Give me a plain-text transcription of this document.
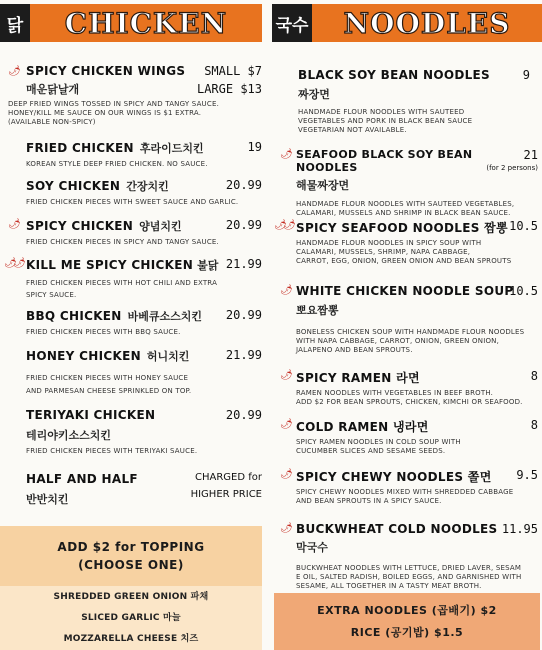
닭	CHICKEN
🌶 SPICY CHICKEN WINGS	SMALL $7
매운닭날개	LARGE $13
DEEP FRIED WINGS TOSSED IN SPICY AND TANGY SAUCE.
HONEY/KILL ME SAUCE ON OUR WINGS IS $1 EXTRA.
(AVAILABLE NON-SPICY)
FRIED CHICKEN 후라이드치킨	19
KOREAN STYLE DEEP FRIED CHICKEN. NO SAUCE.
SOY CHICKEN 간장치킨	20.99
FRIED CHICKEN PIECES WITH SWEET SAUCE AND GARLIC.
🌶 SPICY CHICKEN 양념치킨	20.99
FRIED CHICKEN PIECES IN SPICY AND TANGY SAUCE.
🌶
🌶 KILL ME SPICY CHICKEN 불닭 21.99
FRIED CHICKEN PIECES WITH HOT CHILI AND EXTRA
SPICY SAUCE.
BBQ CHICKEN 바베큐소스치킨 20.99
FRIED CHICKEN PIECES WITH BBQ SAUCE.
HONEY CHICKEN 허니치킨	21.99
FRIED CHICKEN PIECES WITH HONEY SAUCE
AND PARMESAN CHEESE SPRINKLED ON TOP.
TERIYAKI CHICKEN	20.99
테리야키소스치킨
FRIED CHICKEN PIECES WITH TERIYAKI SAUCE.
HALF AND HALF	CHARGED for
반반치킨	HIGHER PRICE
ADD $2 for TOPPING
(CHOOSE ONE)
SHREDDED GREEN ONION 파채
SLICED GARLIC 마늘
MOZZARELLA CHEESE 치즈
국수	NOODLES
BLACK SOY BEAN NOODLES	9
짜장면
HANDMADE FLOUR NOODLES WITH SAUTEED
VEGETABLES AND PORK IN BLACK BEAN SAUCE
VEGETARIAN NOT AVAILABLE.
🌶 SEAFOOD BLACK SOY BEAN NOODLES
21
해물짜장면
(for 2 persons)
HANDMADE FLOUR NOODLES WITH SAUTEED VEGETABLES,
CALAMARI, MUSSELS AND SHRIMP IN BLACK BEAN SAUCE.
🌶
🌶 SPICY SEAFOOD NOODLES 짬뽕 10.5
HANDMADE FLOUR NOODLES IN SPICY SOUP WITH
CALAMARI, MUSSELS, SHRIMP, NAPA CABBAGE,
CARROT, EGG, ONION, GREEN ONION AND BEAN SPROUTS
🌶 WHITE CHICKEN NOODLE SOUP
10.5
뽀요짬뽕
BONELESS CHICKEN SOUP WITH HANDMADE FLOUR NOODLES
WITH NAPA CABBAGE, CARROT, ONION, GREEN ONION,
JALAPENO AND BEAN SPROUTS.
🌶 SPICY RAMEN 라면	8
RAMEN NOODLES WITH VEGETABLES IN BEEF BROTH.
ADD $2 FOR BEAN SPROUTS, CHICKEN, KIMCHI OR SEAFOOD.
🌶 COLD RAMEN 냉라면	8
SPICY RAMEN NOODLES IN COLD SOUP WITH
CUCUMBER SLICES AND SESAME SEEDS.
🌶 SPICY CHEWY NOODLES 쫄면	9.5
SPICY CHEWY NOODLES MIXED WITH SHREDDED CABBAGE
AND BEAN SPROUTS IN A SPICY SAUCE.
🌶 BUCKWHEAT COLD NOODLES 11.95
막국수
BUCKWHEAT NOODLES WITH LETTUCE, DRIED LAVER, SESAM
E OIL, SALTED RADISH, BOILED EGGS, AND GARNISHED WITH
SESAME, ALL TOGETHER IN A TASTY MEAT BROTH.
EXTRA NOODLES (곱배기) $2
RICE (공기밥) $1.5
